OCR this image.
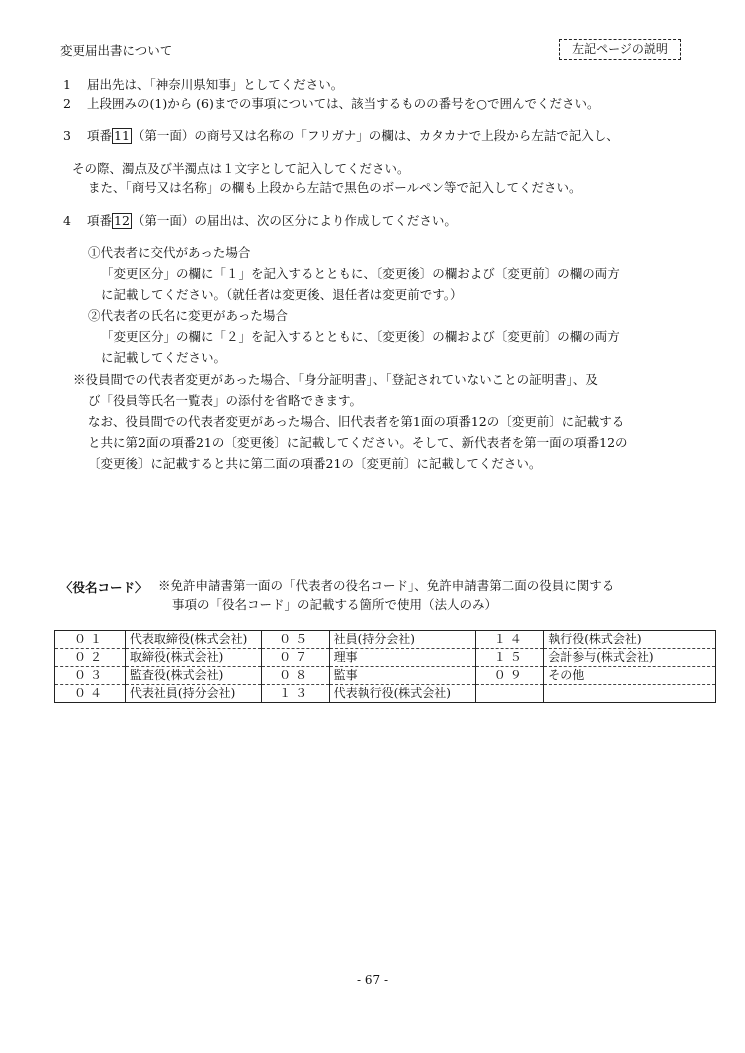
変更届出書について	左記ページの説明
1 届出先は、「神奈川県知事」としてください。
2 上段囲みの(1)から (6)までの事項については、該当するものの番号を○で囲んでください。
3 項番 11 （第一面）の商号又は名称の「フリガナ」の欄は、カタカナで上段から左詰で記入し、
その際、濁点及び半濁点は１文字として記入してください。
また、「商号又は名称」の欄も上段から左詰で黒色のボールペン等で記入してください。
4 項番 12 （第一面）の届出は、次の区分により作成してください。
①代表者に交代があった場合
「変更区分」の欄に「１」を記入するとともに、〔変更後〕の欄および〔変更前〕の欄の両方
に記載してください。（就任者は変更後、退任者は変更前です。）
②代表者の氏名に変更があった場合
「変更区分」の欄に「２」を記入するとともに、〔変更後〕の欄および〔変更前〕の欄の両方
に記載してください。
※役員間での代表者変更があった場合、「身分証明書」、「登記されていないことの証明書」、及
び「役員等氏名一覧表」の添付を省略できます。
なお、役員間での代表者変更があった場合、旧代表者を第1面の項番12の〔変更前〕に記載する
と共に第2面の項番21の〔変更後〕に記載してください。そして、新代表者を第一面の項番12の
〔変更後〕に記載すると共に第二面の項番21の〔変更前〕に記載してください。
〈役名コード〉 ※免許申請書第一面の「代表者の役名コード」、免許申請書第二面の役員に関する
事項の「役名コード」の記載する箇所で使用（法人のみ）
０１	代表取締役(株式会社)	０５	社員(持分会社)	１４	執行役(株式会社)
０２	取締役(株式会社)	０７	理事	１５	会計参与(株式会社)
０３	監査役(株式会社)	０８	監事	０９	その他
０４	代表社員(持分会社)	１３	代表執行役(株式会社)		
- 67 -
